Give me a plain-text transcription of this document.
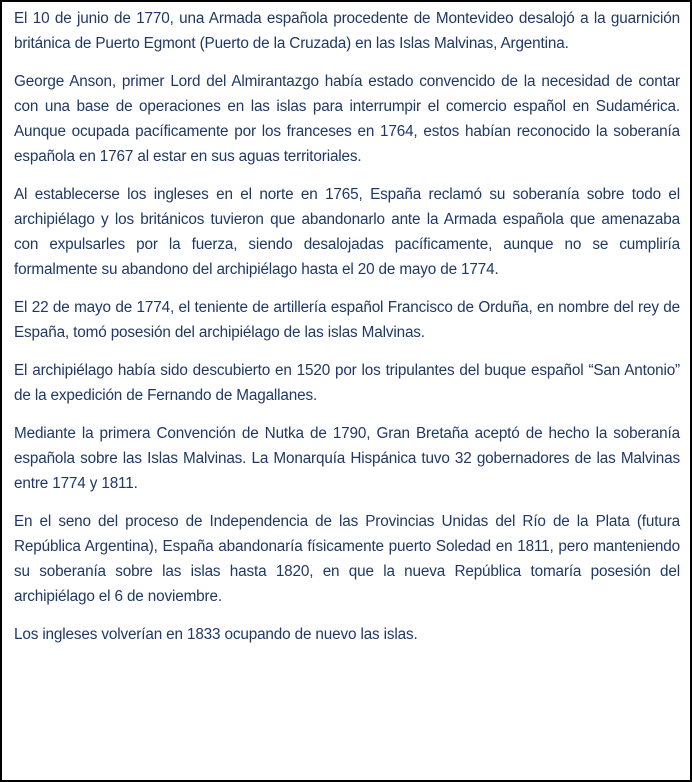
El 10 de junio de 1770, una Armada española procedente de Montevideo desalojó a la guarnición británica de Puerto Egmont (Puerto de la Cruzada) en las Islas Malvinas, Argentina.

George Anson, primer Lord del Almirantazgo había estado convencido de la necesidad de contar con una base de operaciones en las islas para interrumpir el comercio español en Sudamérica. Aunque ocupada pacíficamente por los franceses en 1764, estos habían reconocido la soberanía española en 1767 al estar en sus aguas territoriales.

Al establecerse los ingleses en el norte en 1765, España reclamó su soberanía sobre todo el archipiélago y los británicos tuvieron que abandonarlo ante la Armada española que amenazaba con expulsarles por la fuerza, siendo desalojadas pacíficamente, aunque no se cumpliría formalmente su abandono del archipiélago hasta el 20 de mayo de 1774.

El 22 de mayo de 1774, el teniente de artillería español Francisco de Orduña, en nombre del rey de España, tomó posesión del archipiélago de las islas Malvinas.

El archipiélago había sido descubierto en 1520 por los tripulantes del buque español “San Antonio” de la expedición de Fernando de Magallanes.

Mediante la primera Convención de Nutka de 1790, Gran Bretaña aceptó de hecho la soberanía española sobre las Islas Malvinas. La Monarquía Hispánica tuvo 32 gobernadores de las Malvinas entre 1774 y 1811.

En el seno del proceso de Independencia de las Provincias Unidas del Río de la Plata (futura República Argentina), España abandonaría físicamente puerto Soledad en 1811, pero manteniendo su soberanía sobre las islas hasta 1820, en que la nueva República tomaría posesión del archipiélago el 6 de noviembre.

Los ingleses volverían en 1833 ocupando de nuevo las islas.
